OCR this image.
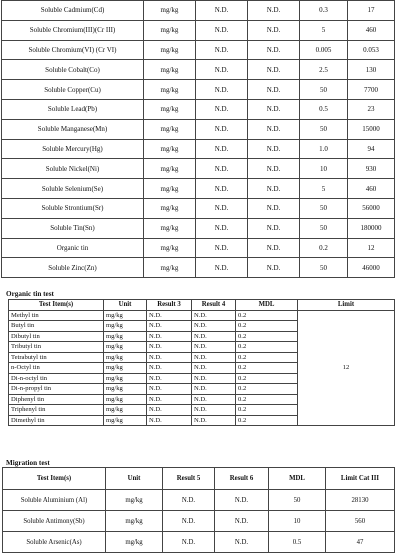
Soluble Cadmium(Cd)	mg/kg	N.D.	N.D.	0.3	17
Soluble Chromium(III)(Cr III)	mg/kg	N.D.	N.D.	5	460
Soluble Chromium(VI) (Cr VI)	mg/kg	N.D.	N.D.	0.005	0.053
Soluble Cobalt(Co)	mg/kg	N.D.	N.D.	2.5	130
Soluble Copper(Cu)	mg/kg	N.D.	N.D.	50	7700
Soluble Lead(Pb)	mg/kg	N.D.	N.D.	0.5	23
Soluble Manganese(Mn)	mg/kg	N.D.	N.D.	50	15000
Soluble Mercury(Hg)	mg/kg	N.D.	N.D.	1.0	94
Soluble Nickel(Ni)	mg/kg	N.D.	N.D.	10	930
Soluble Selenium(Se)	mg/kg	N.D.	N.D.	5	460
Soluble Strontium(Sr)	mg/kg	N.D.	N.D.	50	56000
Soluble Tin(Sn)	mg/kg	N.D.	N.D.	50	180000
Organic tin	mg/kg	N.D.	N.D.	0.2	12
Soluble Zinc(Zn)	mg/kg	N.D.	N.D.	50	46000
Organic tin test
Test Item(s)	Unit	Result 3	Result 4	MDL	Limit
Methyl tin	mg/kg	N.D.	N.D.	0.2	12
Butyl tin	mg/kg	N.D.	N.D.	0.2	
Dibutyl tin	mg/kg	N.D.	N.D.	0.2	
Tributyl tin	mg/kg	N.D.	N.D.	0.2	
Tetrabutyl tin	mg/kg	N.D.	N.D.	0.2	
n-Octyl tin	mg/kg	N.D.	N.D.	0.2	
Di-n-octyl tin	mg/kg	N.D.	N.D.	0.2	
Di-n-propyl tin	mg/kg	N.D.	N.D.	0.2	
Diphenyl tin	mg/kg	N.D.	N.D.	0.2	
Triphenyl tin	mg/kg	N.D.	N.D.	0.2	
Dimethyl tin	mg/kg	N.D.	N.D.	0.2	
Migration test
Test Item(s)	Unit	Result 5	Result 6	MDL	Limit Cat III
Soluble Aluminium (Al)	mg/kg	N.D.	N.D.	50	28130
Soluble Antimony(Sb)	mg/kg	N.D.	N.D.	10	560
Soluble Arsenic(As)	mg/kg	N.D.	N.D.	0.5	47
